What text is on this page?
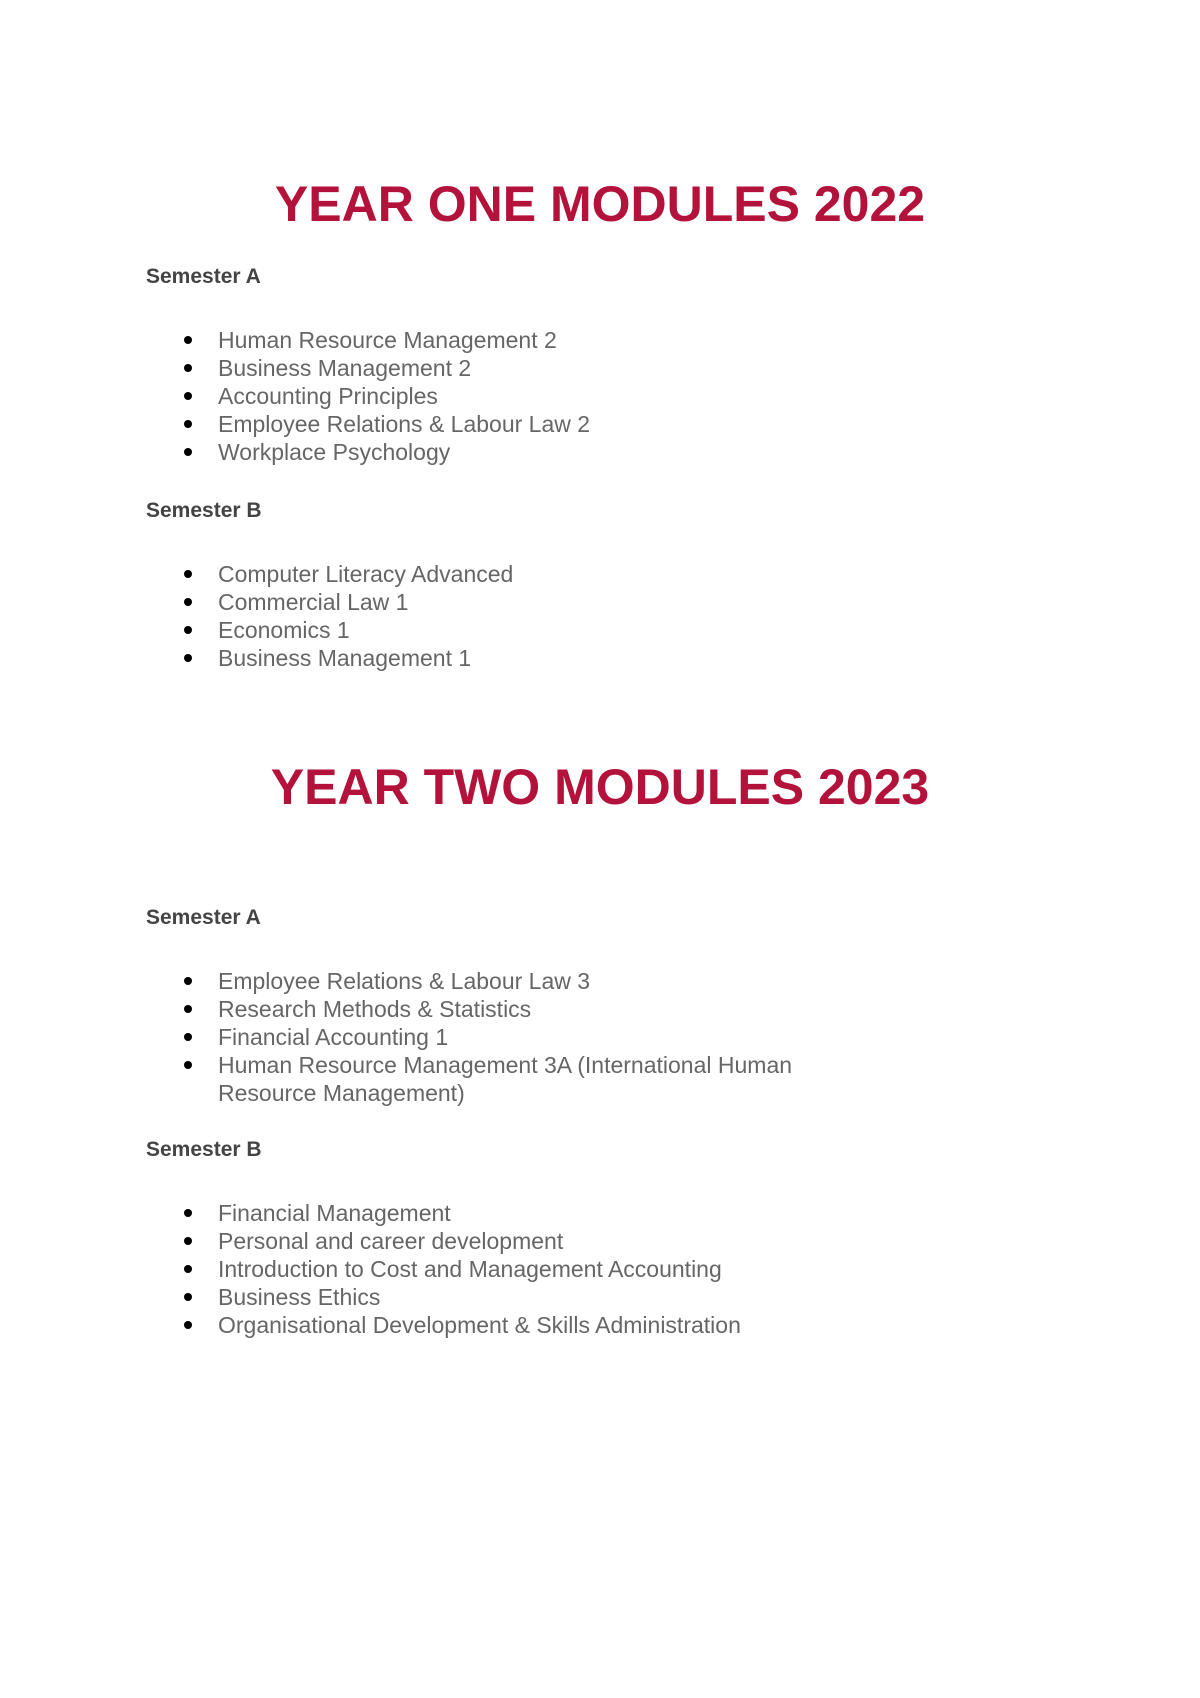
YEAR ONE MODULES 2022
Semester A
Human Resource Management 2
Business Management 2
Accounting Principles
Employee Relations & Labour Law 2
Workplace Psychology
Semester B
Computer Literacy Advanced
Commercial Law 1
Economics 1
Business Management 1
YEAR TWO MODULES 2023
Semester A
Employee Relations & Labour Law 3
Research Methods & Statistics
Financial Accounting 1
Human Resource Management 3A (International Human Resource Management)
Semester B
Financial Management
Personal and career development
Introduction to Cost and Management Accounting
Business Ethics
Organisational Development & Skills Administration
